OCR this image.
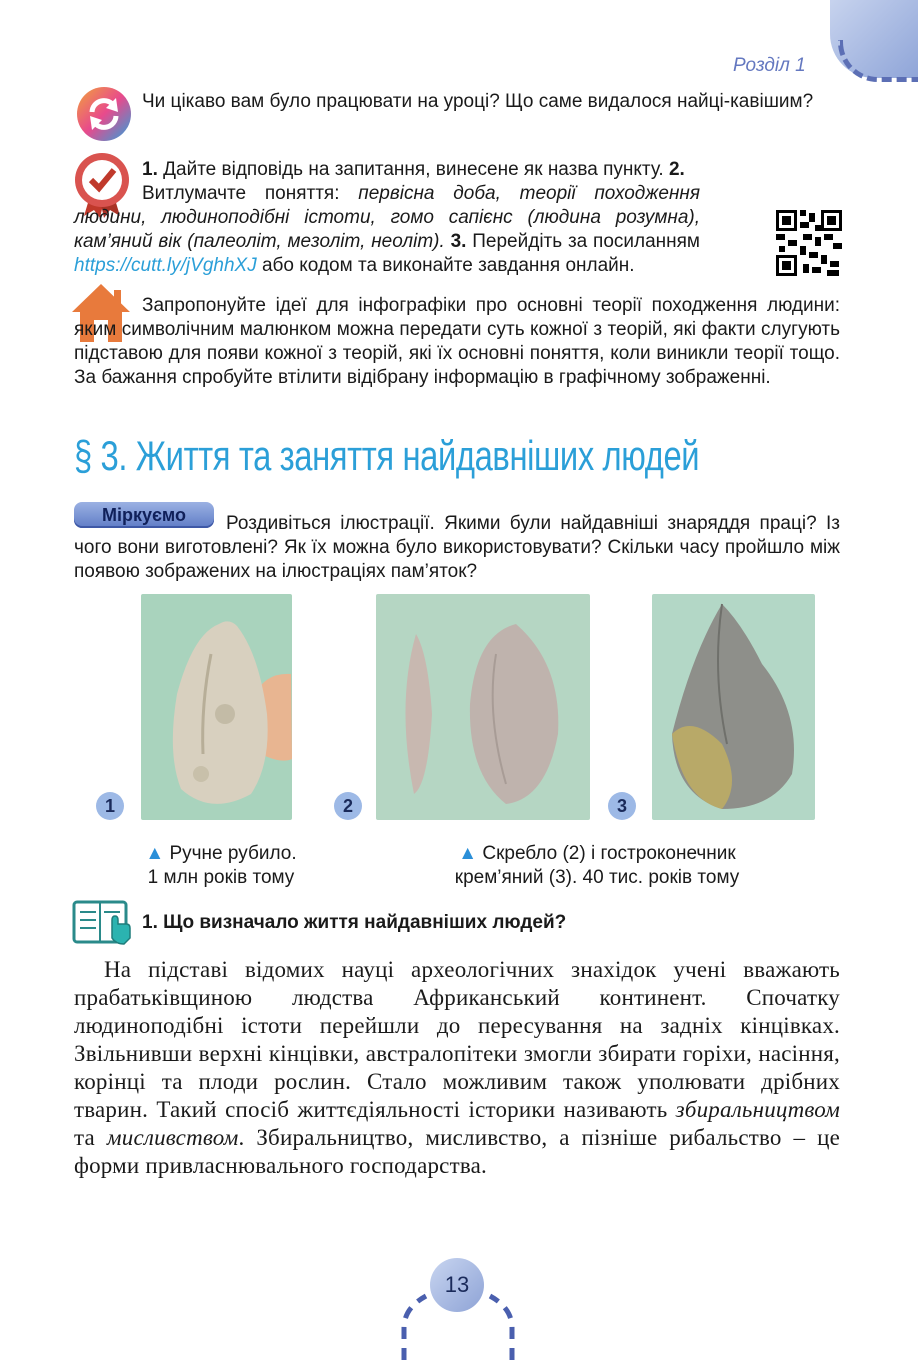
Розділ 1
Чи цікаво вам було працювати на уроці? Що саме видалося найці-кавішим?
1. Дайте відповідь на запитання, винесене як назва пункту. 2.
Витлумачте поняття: первісна доба, теорії походження людини, людиноподібні істоти, гомо сапієнс (людина розумна), кам’яний вік (палеоліт, мезоліт, неоліт). 3. Перейдіть за посиланням https://cutt.ly/jVghhXJ або кодом та виконайте завдання онлайн.
Запропонуйте ідеї для інфографіки про основні теорії походження людини: яким символічним малюнком можна передати суть кожної з теорій, які факти слугують підставою для появи кожної з теорій, які їх основні поняття, коли виникли теорії тощо. За бажання спробуйте втілити відібрану інформацію в графічному зображенні.
§ 3. Життя та заняття найдавніших людей
Міркуємо	Роздивіться ілюстрації. Якими були найдавніші знаряддя праці? Із чого вони виготовлені? Як їх можна було використовувати? Скільки часу пройшло між появою зображених на ілюстраціях пам’яток?
1	2	3
▲ Ручне рубило.
1 млн років тому
▲ Скребло (2) і гостроконечник
крем’яний (3). 40 тис. років тому
1. Що визначало життя найдавніших людей?

На підставі відомих науці археологічних знахідок учені вважають прабатьківщиною людства Африканський континент. Спочатку людиноподібні істоти перейшли до пересування на задніх кінцівках. Звільнивши верхні кінцівки, австралопітеки змогли збирати горіхи, насіння, корінці та плоди рослин. Стало можливим також уполювати дрібних тварин. Такий спосіб життєдіяльності історики називають збиральництвом та мисливством. Збиральництво, мисливство, а пізніше рибальство – це форми привласнювального господарства.

13
